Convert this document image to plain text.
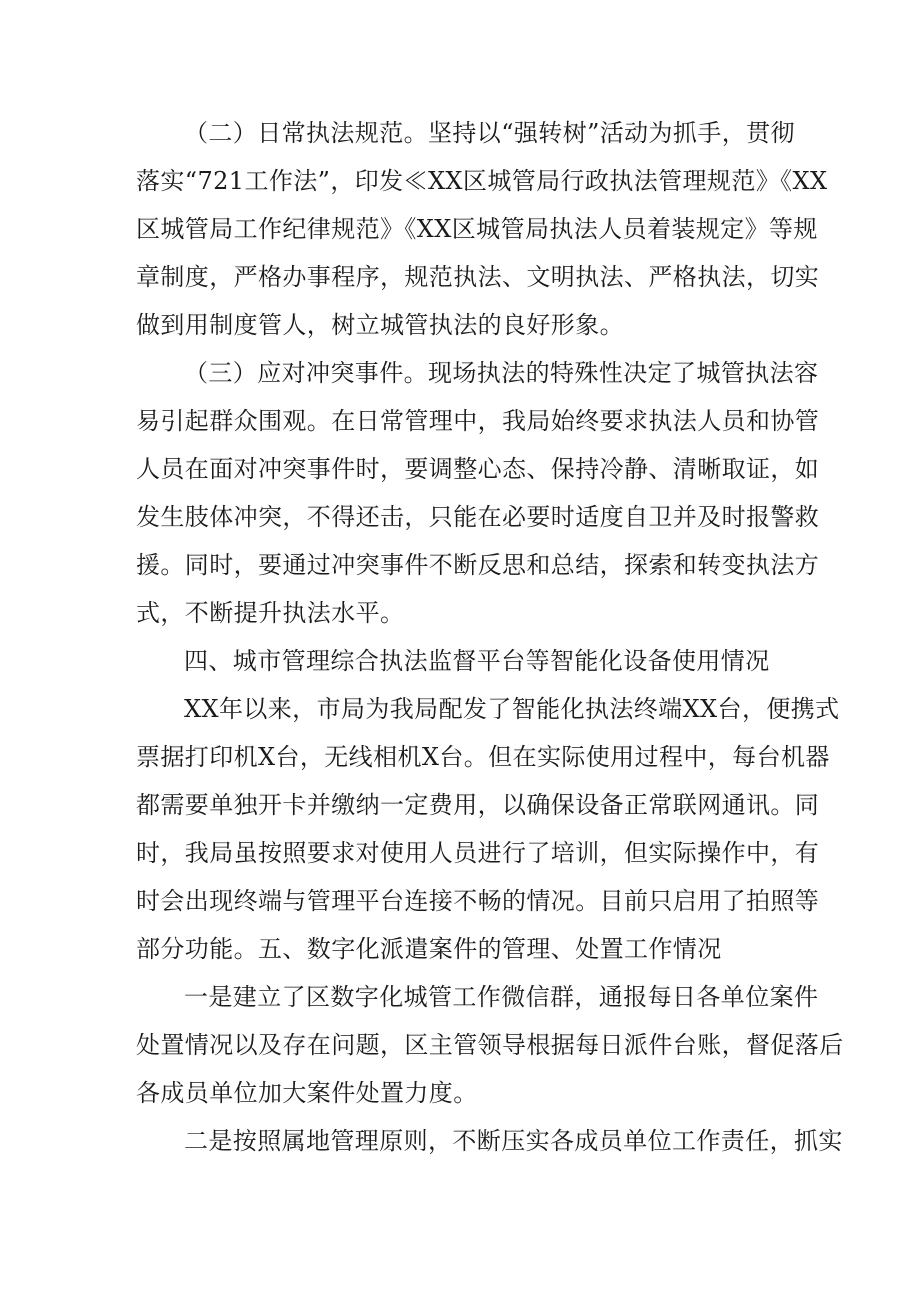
（二）日常执法规范。坚持以“强转树”活动为抓手，贯彻
落实“721工作法”，印发≪XX区城管局行政执法管理规范》《XX
区城管局工作纪律规范》《XX区城管局执法人员着装规定》等规
章制度，严格办事程序，规范执法、文明执法、严格执法，切实
做到用制度管人，树立城管执法的良好形象。
（三）应对冲突事件。现场执法的特殊性决定了城管执法容
易引起群众围观。在日常管理中，我局始终要求执法人员和协管
人员在面对冲突事件时，要调整心态、保持冷静、清晰取证，如
发生肢体冲突，不得还击，只能在必要时适度自卫并及时报警救
援。同时，要通过冲突事件不断反思和总结，探索和转变执法方
式，不断提升执法水平。
四、城市管理综合执法监督平台等智能化设备使用情况
XX年以来，市局为我局配发了智能化执法终端XX台，便携式
票据打印机X台，无线相机X台。但在实际使用过程中，每台机器
都需要单独开卡并缴纳一定费用，以确保设备正常联网通讯。同
时，我局虽按照要求对使用人员进行了培训，但实际操作中，有
时会出现终端与管理平台连接不畅的情况。目前只启用了拍照等
部分功能。五、数字化派遣案件的管理、处置工作情况
一是建立了区数字化城管工作微信群，通报每日各单位案件
处置情况以及存在问题，区主管领导根据每日派件台账，督促落后
各成员单位加大案件处置力度。
二是按照属地管理原则，不断压实各成员单位工作责任，抓实
